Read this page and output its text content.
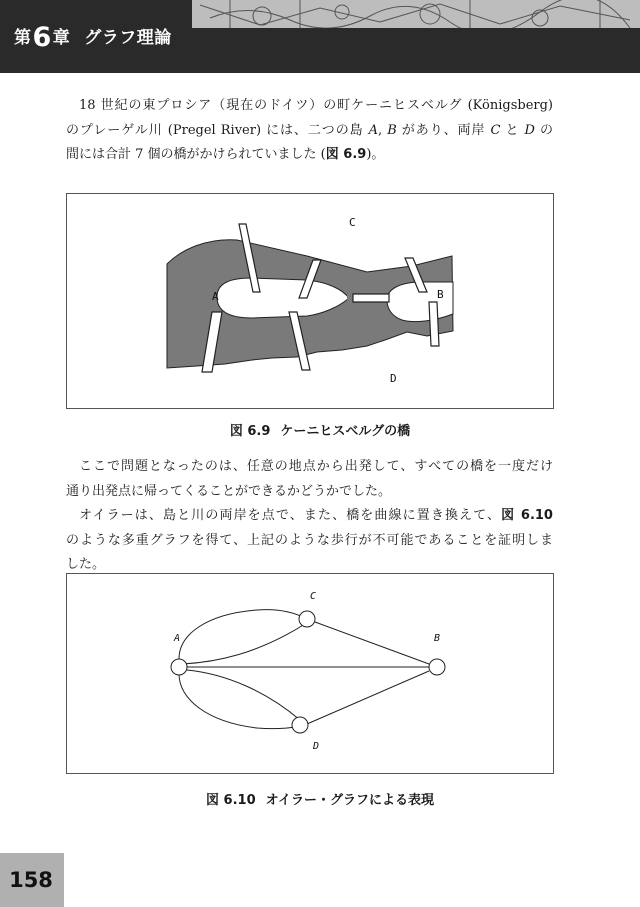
第6章 グラフ理論

18 世紀の東プロシア（現在のドイツ）の町ケーニヒスベルグ (Königsberg)

のプレーゲル川 (Pregel River) には、二つの島 A, B があり、両岸 C と D の

間には合計 7 個の橋がかけられていました (図 6.9)。

C
A	B
D
図 6.9 ケーニヒスベルグの橋

ここで問題となったのは、任意の地点から出発して、すべての橋を一度だけ

通り出発点に帰ってくることができるかどうかでした。

オイラーは、島と川の両岸を点で、また、橋を曲線に置き換えて、図 6.10

のような多重グラフを得て、上記のような歩行が不可能であることを証明しま

した。

C
A	B
D
図 6.10 オイラー・グラフによる表現
158
